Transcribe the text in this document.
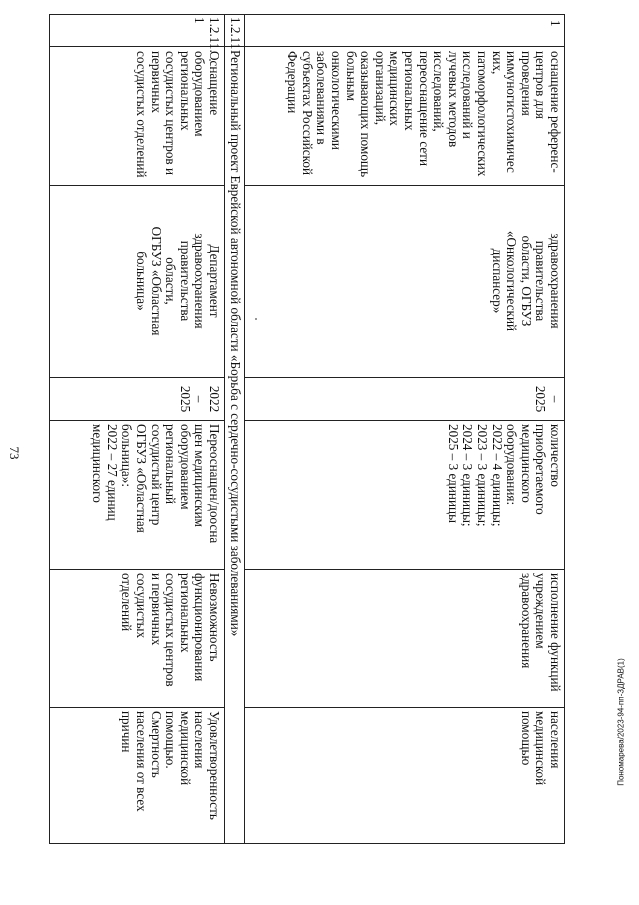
73
Пономарева/2023-94-пп-ЗДРАВ(1)
1
оснащение референс-
центров для
проведения
иммуногистохимичес
ких,
патоморфологических
исследований и
лучевых методов
исследований,
переоснащение сети
региональных
медицинских
организаций,
оказывающих помощь
больным
онкологическими
заболеваниями в
субъектах Российской
Федерации
здравоохранения
правительства
области, ОГБУЗ
«Онкологический
диспансер»
–
2025
количество
приобретаемого
медицинского
оборудования:
2022 – 4 единицы;
2023 – 3 единицы;
2024 – 3 единицы;
2025 – 3 единицы
исполнение функций
учреждением
здравоохранения
населения
медицинской
помощью
1.2.11
Региональный проект Еврейской автономной области «Борьба с сердечно-сосудистыми заболеваниями»
1.2.11.
1
Оснащение
оборудованием
региональных
сосудистых центров и
первичных
сосудистых отделений
Департамент
здравоохранения
правительства
области,
ОГБУЗ «Областная
больница»
2022
–
2025
Переоснащен/дооснa
щен медицинским
оборудованием
региональный
сосудистый центр
ОГБУЗ «Областная
больница»:
2022 – 27 единиц
медицинского
Невозможность
функционирования
региональных
сосудистых центров
и первичных
сосудистых
отделений
Удовлетворенность
населения
медицинской
помощью.
Смертность
населения от всех
причин
